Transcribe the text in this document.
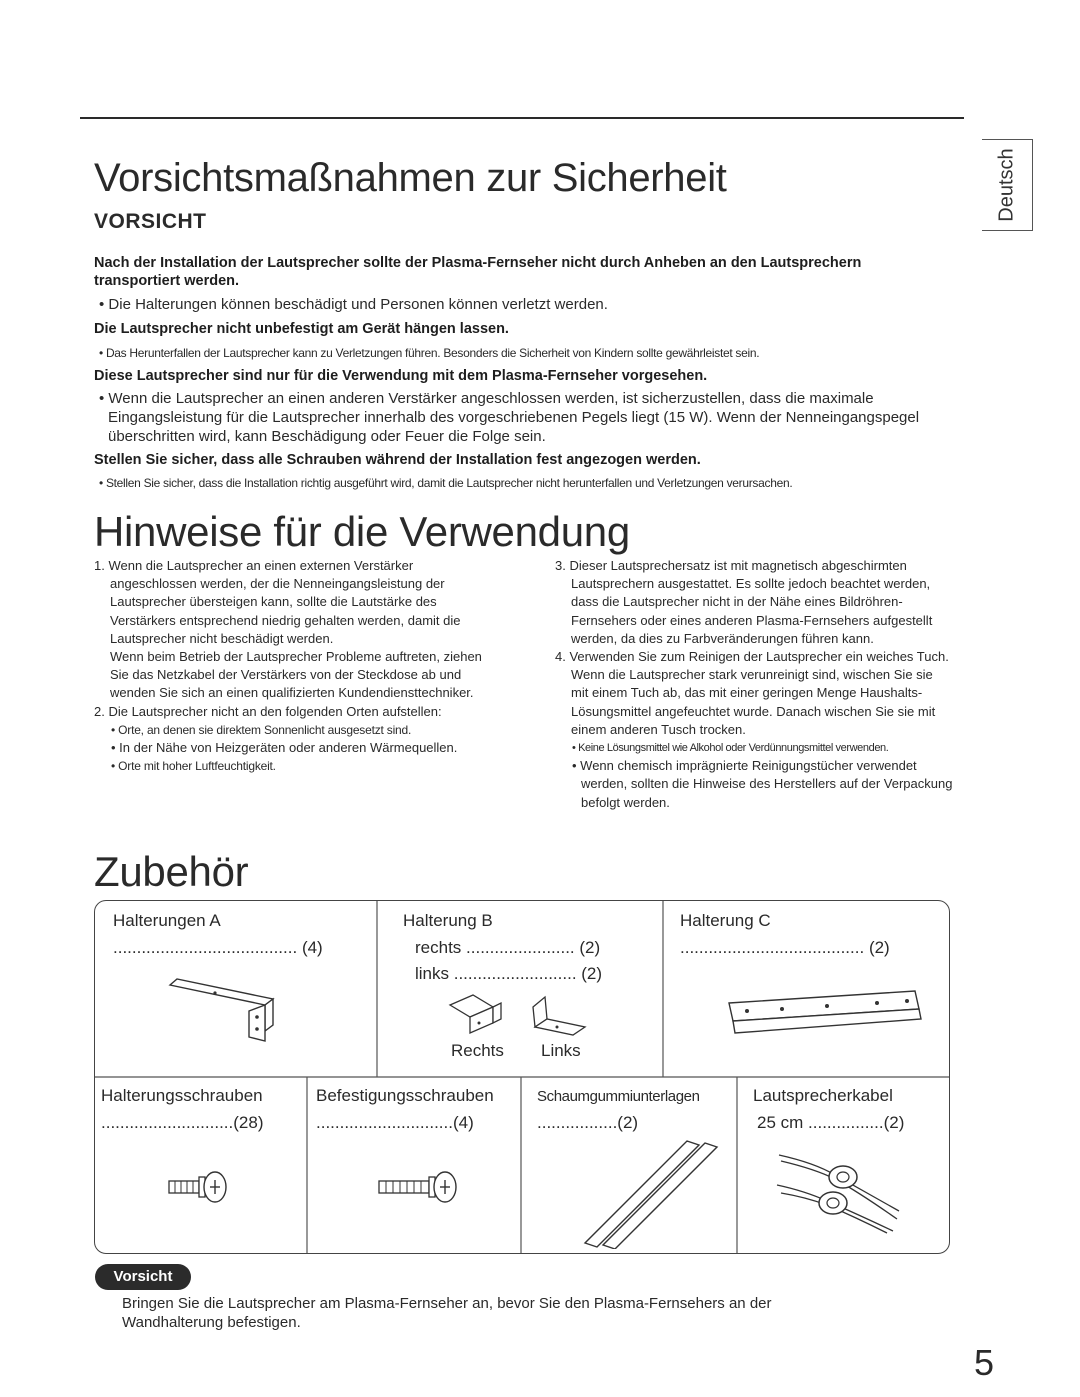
Deutsch
Vorsichtsmaßnahmen zur Sicherheit
VORSICHT
Nach der Installation der Lautsprecher sollte der Plasma-Fernseher nicht durch Anheben an den Lautsprechern transportiert werden.
• Die Halterungen können beschädigt und Personen können verletzt werden.
Die Lautsprecher nicht unbefestigt am Gerät hängen lassen.
• Das Herunterfallen der Lautsprecher kann zu Verletzungen führen. Besonders die Sicherheit von Kindern sollte gewährleistet sein.
Diese Lautsprecher sind nur für die Verwendung mit dem Plasma-Fernseher vorgesehen.
• Wenn die Lautsprecher an einen anderen Verstärker angeschlossen werden, ist sicherzustellen, dass die maximale Eingangsleistung für die Lautsprecher innerhalb des vorgeschriebenen Pegels liegt (15 W). Wenn der Nenneingangspegel überschritten wird, kann Beschädigung oder Feuer die Folge sein.
Stellen Sie sicher, dass alle Schrauben während der Installation fest angezogen werden.
• Stellen Sie sicher, dass die Installation richtig ausgeführt wird, damit die Lautsprecher nicht herunterfallen und Verletzungen verursachen.
Hinweise für die Verwendung
1. Wenn die Lautsprecher an einen externen Verstärker angeschlossen werden, der die Nenneingangsleistung der Lautsprecher übersteigen kann, sollte die Lautstärke des Verstärkers entsprechend niedrig gehalten werden, damit die Lautsprecher nicht beschädigt werden.
Wenn beim Betrieb der Lautsprecher Probleme auftreten, ziehen Sie das Netzkabel der Verstärkers von der Steckdose ab und wenden Sie sich an einen qualifizierten Kundendiensttechniker.
2. Die Lautsprecher nicht an den folgenden Orten aufstellen:
• Orte, an denen sie direktem Sonnenlicht ausgesetzt sind.
• In der Nähe von Heizgeräten oder anderen Wärmequellen.
• Orte mit hoher Luftfeuchtigkeit.
3. Dieser Lautsprechersatz ist mit magnetisch abgeschirmten Lautsprechern ausgestattet. Es sollte jedoch beachtet werden, dass die Lautsprecher nicht in der Nähe eines Bildröhren-Fernsehers oder eines anderen Plasma-Fernsehers aufgestellt werden, da dies zu Farbveränderungen führen kann.
4. Verwenden Sie zum Reinigen der Lautsprecher ein weiches Tuch. Wenn die Lautsprecher stark verunreinigt sind, wischen Sie sie mit einem Tuch ab, das mit einer geringen Menge Haushalts-Lösungsmittel angefeuchtet wurde. Danach wischen Sie sie mit einem anderen Tusch trocken.
• Keine Lösungsmittel wie Alkohol oder Verdünnungsmittel verwenden.
• Wenn chemisch imprägnierte Reinigungstücher verwendet werden, sollten die Hinweise des Herstellers auf der Verpackung befolgt werden.
Zubehör
Halterungen A
....................................... (4)
Halterung B
rechts ....................... (2)
links .......................... (2)
Rechts Links
Halterung C
....................................... (2)
Halterungsschrauben
............................(28)
Befestigungsschrauben
.............................(4)
Schaumgummiunterlagen
.................(2)
Lautsprecherkabel
25 cm ................(2)
Vorsicht
Bringen Sie die Lautsprecher am Plasma-Fernseher an, bevor Sie den Plasma-Fernsehers an der Wandhalterung befestigen.
5
